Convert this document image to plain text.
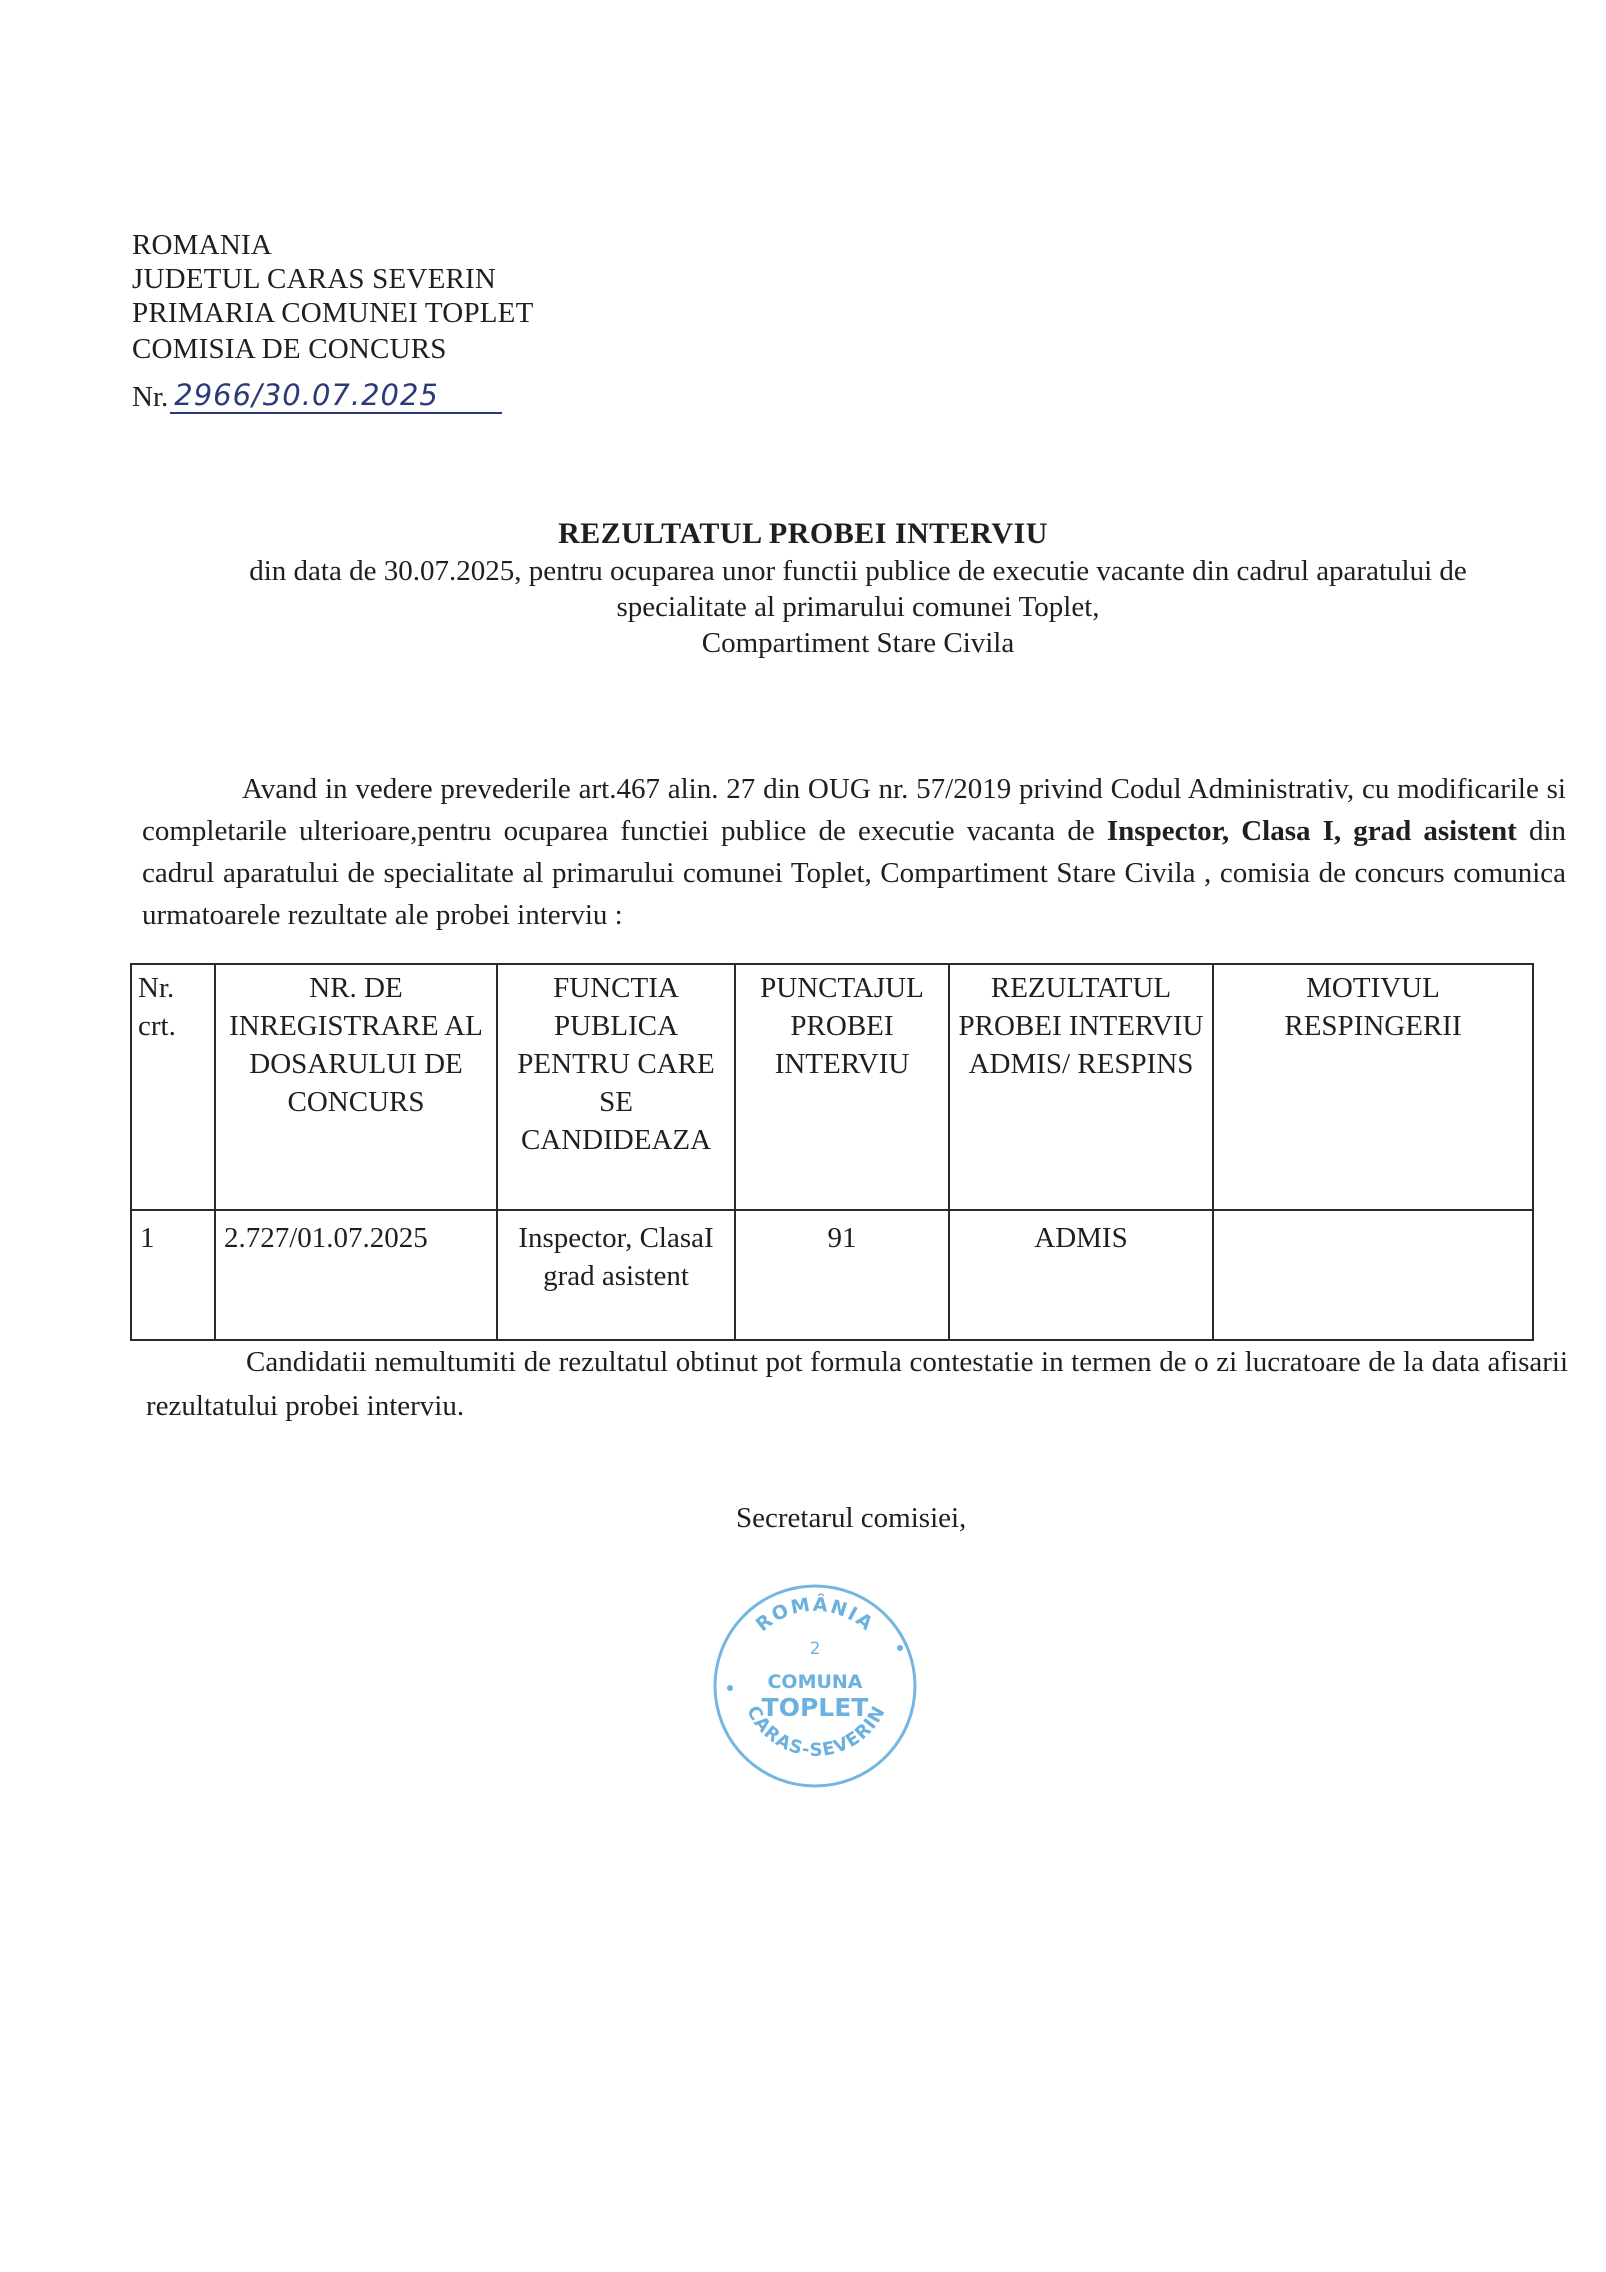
ROMANIA
JUDETUL CARAS SEVERIN
PRIMARIA COMUNEI TOPLET
COMISIA DE CONCURS
Nr. 2966/30.07.2025
REZULTATUL PROBEI INTERVIU
din data de 30.07.2025, pentru ocuparea unor functii publice de executie vacante din cadrul aparatului de
specialitate al primarului comunei Toplet,
Compartiment Stare Civila
Avand in vedere prevederile art.467 alin. 27 din OUG nr. 57/2019 privind Codul Administrativ, cu modificarile si completarile ulterioare,pentru ocuparea functiei publice de executie vacanta de Inspector, Clasa I, grad asistent din cadrul aparatului de specialitate al primarului comunei Toplet, Compartiment Stare Civila , comisia de concurs comunica urmatoarele rezultate ale probei interviu :
Nr. crt.	NR. DE INREGISTRARE AL DOSARULUI DE CONCURS	FUNCTIA PUBLICA PENTRU CARE SE CANDIDEAZA	PUNCTAJUL PROBEI INTERVIU	REZULTATUL PROBEI INTERVIU ADMIS/ RESPINS	MOTIVUL RESPINGERII
1	2.727/01.07.2025	Inspector, ClasaI grad asistent	91	ADMIS	
Candidatii nemultumiti de rezultatul obtinut pot formula contestatie in termen de o zi lucratoare de la data afisarii rezultatului probei interviu.
Secretarul comisiei,
ROMÂNIA
2
COMUNA
TOPLET
CARAS-SEVERIN
